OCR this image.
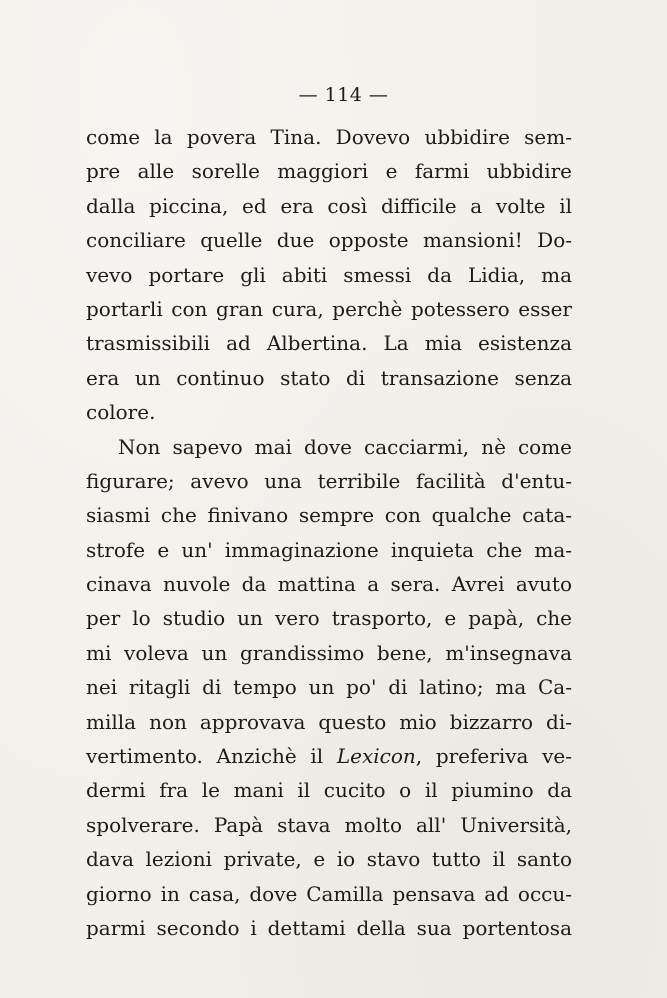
— 114 —
come la povera Tina. Dovevo ubbidire sem-
pre alle sorelle maggiori e farmi ubbidire
dalla piccina, ed era così difficile a volte il
conciliare quelle due opposte mansioni! Do-
vevo portare gli abiti smessi da Lidia, ma
portarli con gran cura, perchè potessero esser
trasmissibili ad Albertina. La mia esistenza
era un continuo stato di transazione senza
colore.
Non sapevo mai dove cacciarmi, nè come
figurare; avevo una terribile facilità d'entu-
siasmi che finivano sempre con qualche cata-
strofe e un' immaginazione inquieta che ma-
cinava nuvole da mattina a sera. Avrei avuto
per lo studio un vero trasporto, e papà, che
mi voleva un grandissimo bene, m'insegnava
nei ritagli di tempo un po' di latino; ma Ca-
milla non approvava questo mio bizzarro di-
vertimento. Anzichè il Lexicon, preferiva ve-
dermi fra le mani il cucito o il piumino da
spolverare. Papà stava molto all' Università,
dava lezioni private, e io stavo tutto il santo
giorno in casa, dove Camilla pensava ad occu-
parmi secondo i dettami della sua portentosa
